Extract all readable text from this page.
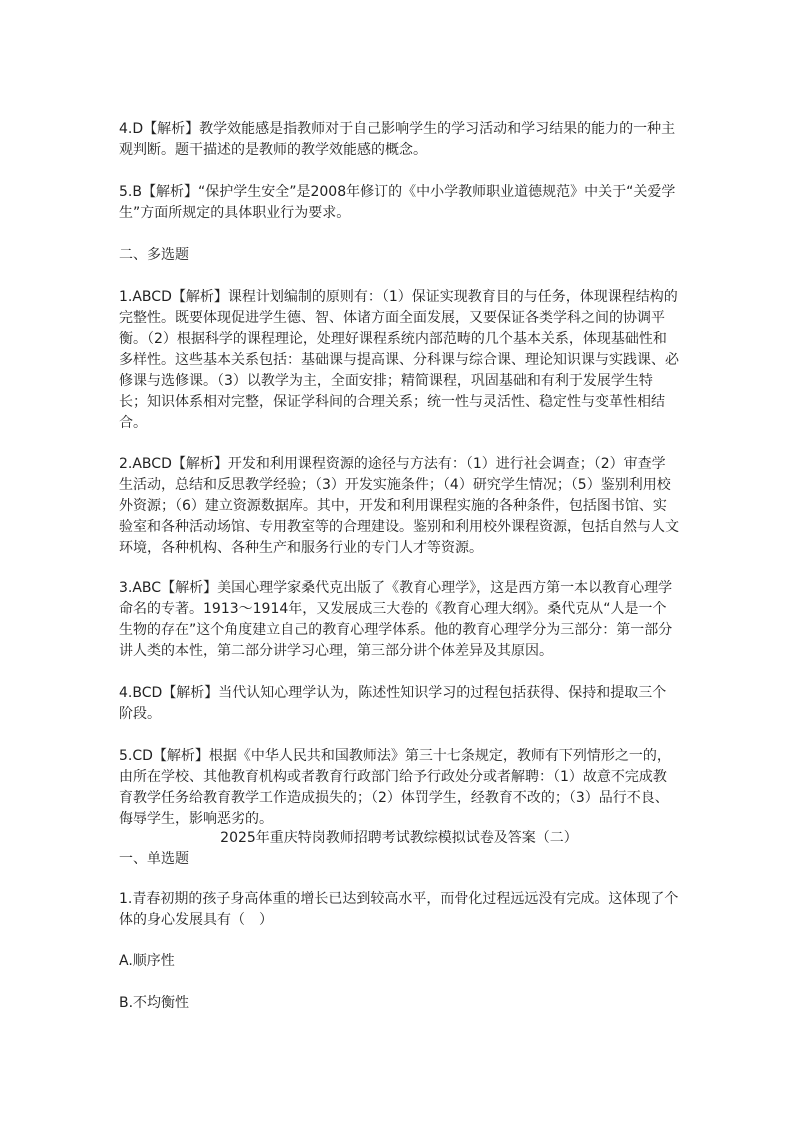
4.D【解析】教学效能感是指教师对于自己影响学生的学习活动和学习结果的能力的一种主观判断。题干描述的是教师的教学效能感的概念。

5.B【解析】“保护学生安全”是2008年修订的《中小学教师职业道德规范》中关于“关爱学生”方面所规定的具体职业行为要求。

二、多选题

1.ABCD【解析】课程计划编制的原则有：（1）保证实现教育目的与任务，体现课程结构的完整性。既要体现促进学生德、智、体诸方面全面发展，又要保证各类学科之间的协调平衡。（2）根据科学的课程理论，处理好课程系统内部范畴的几个基本关系，体现基础性和多样性。这些基本关系包括：基础课与提高课、分科课与综合课、理论知识课与实践课、必修课与选修课。（3）以教学为主，全面安排；精简课程，巩固基础和有利于发展学生特长；知识体系相对完整，保证学科间的合理关系；统一性与灵活性、稳定性与变革性相结合。

2.ABCD【解析】开发和利用课程资源的途径与方法有：（1）进行社会调查；（2）审查学生活动，总结和反思教学经验；（3）开发实施条件；（4）研究学生情况；（5）鉴别利用校外资源；（6）建立资源数据库。其中，开发和利用课程实施的各种条件，包括图书馆、实验室和各种活动场馆、专用教室等的合理建设。鉴别和利用校外课程资源，包括自然与人文环境，各种机构、各种生产和服务行业的专门人才等资源。

3.ABC【解析】美国心理学家桑代克出版了《教育心理学》，这是西方第一本以教育心理学命名的专著。1913～1914年，又发展成三大卷的《教育心理大纲》。桑代克从“人是一个生物的存在”这个角度建立自己的教育心理学体系。他的教育心理学分为三部分：第一部分讲人类的本性，第二部分讲学习心理，第三部分讲个体差异及其原因。

4.BCD【解析】当代认知心理学认为，陈述性知识学习的过程包括获得、保持和提取三个阶段。

5.CD【解析】根据《中华人民共和国教师法》第三十七条规定，教师有下列情形之一的，由所在学校、其他教育机构或者教育行政部门给予行政处分或者解聘：（1）故意不完成教育教学任务给教育教学工作造成损失的；（2）体罚学生，经教育不改的；（3）品行不良、侮辱学生，影响恶劣的。

2025年重庆特岗教师招聘考试教综模拟试卷及答案（二）

一、单选题

1.青春初期的孩子身高体重的增长已达到较高水平，而骨化过程远远没有完成。这体现了个体的身心发展具有（　）

A.顺序性

B.不均衡性
